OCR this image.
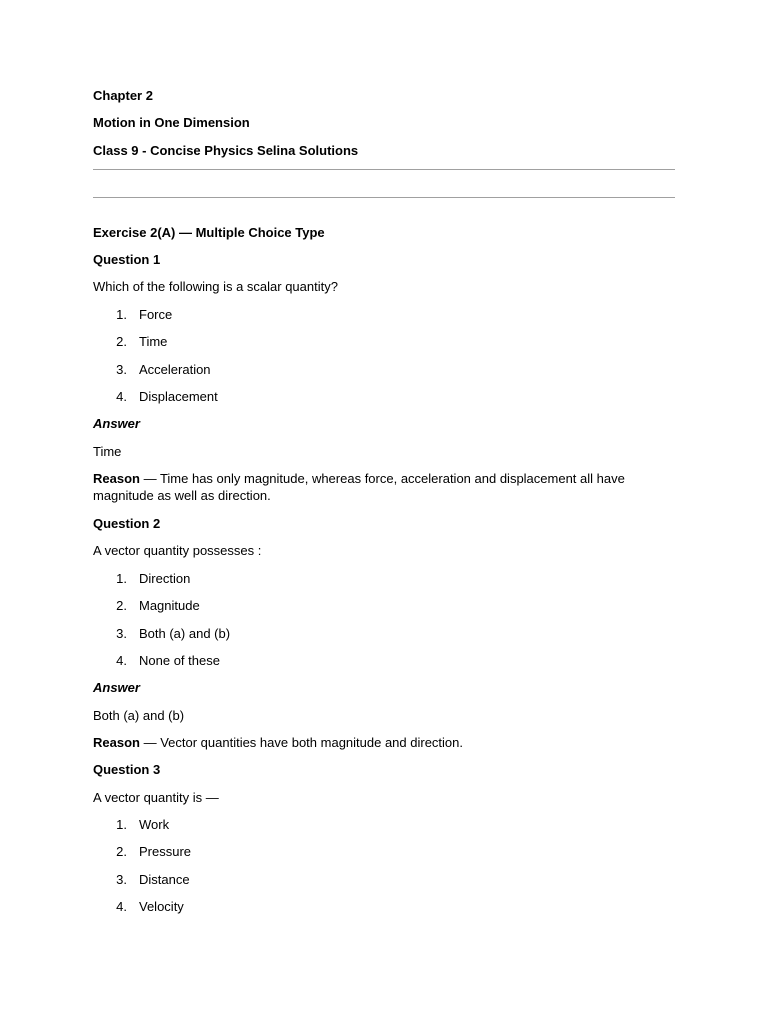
Chapter 2
Motion in One Dimension
Class 9 - Concise Physics Selina Solutions
Exercise 2(A) — Multiple Choice Type
Question 1
Which of the following is a scalar quantity?
1. Force
2. Time
3. Acceleration
4. Displacement
Answer
Time
Reason — Time has only magnitude, whereas force, acceleration and displacement all have magnitude as well as direction.
Question 2
A vector quantity possesses :
1. Direction
2. Magnitude
3. Both (a) and (b)
4. None of these
Answer
Both (a) and (b)
Reason — Vector quantities have both magnitude and direction.
Question 3
A vector quantity is —
1. Work
2. Pressure
3. Distance
4. Velocity
